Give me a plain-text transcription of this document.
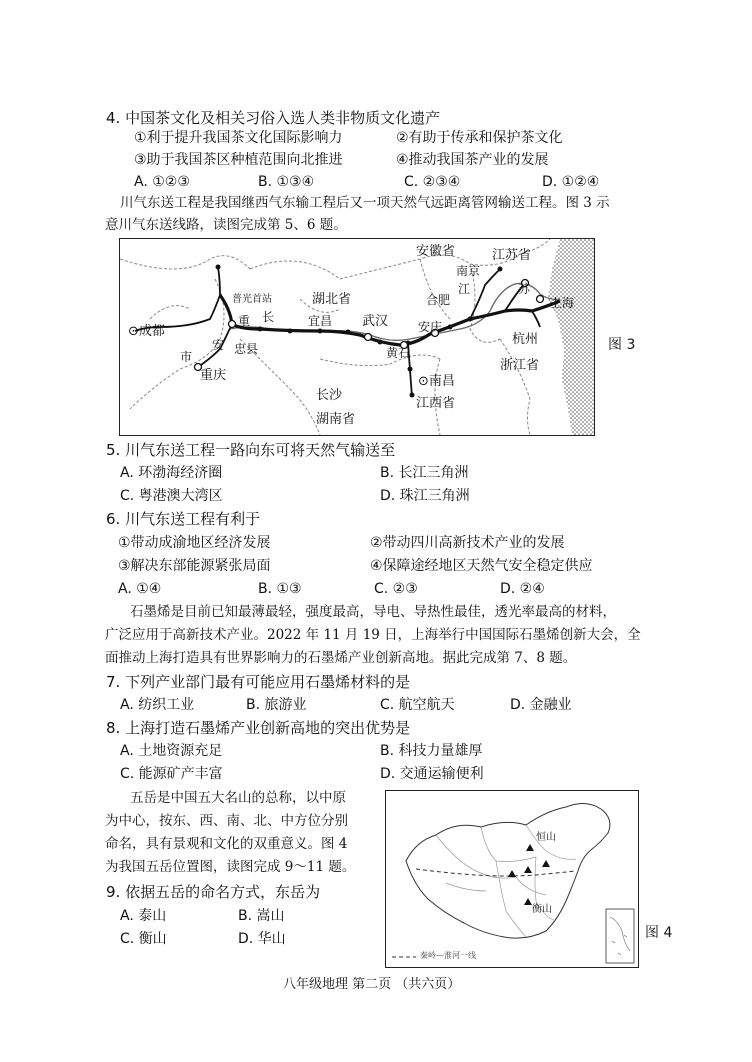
4. 中国茶文化及相关习俗入选人类非物质文化遗产
①利于提升我国茶文化国际影响力	②有助于传承和保护茶文化
③助于我国茶区种植范围向北推进	④推动我国茶产业的发展
A. ①②③	B. ①③④	C. ②③④	D. ①②④
川气东送工程是我国继西气东输工程后又一项天然气远距离管网输送工程。图 3 示
意川气东送线路，读图完成第 5、6 题。
安徽省	江苏省
南京
江
合肥
苏
上海
杭州
浙江省
⊙成都
普光首站
重 长
湖北省
宜昌 武汉 安庆
黄石
忠县
市
安
重庆	⊙南昌
长沙
湖南省
江西省
图 3
5. 川气东送工程一路向东可将天然气输送至
A. 环渤海经济圈	B. 长江三角洲
C. 粤港澳大湾区	D. 珠江三角洲
6. 川气东送工程有利于
①带动成渝地区经济发展	②带动四川高新技术产业的发展
③解决东部能源紧张局面	④保障途经地区天然气安全稳定供应
A. ①④	B. ①③	C. ②③	D. ②④
石墨烯是目前已知最薄最轻，强度最高，导电、导热性最佳，透光率最高的材料，
广泛应用于高新技术产业。2022 年 11 月 19 日，上海举行中国国际石墨烯创新大会，全
面推动上海打造具有世界影响力的石墨烯产业创新高地。据此完成第 7、8 题。
7. 下列产业部门最有可能应用石墨烯材料的是
A. 纺织工业	B. 旅游业	C. 航空航天	D. 金融业
8. 上海打造石墨烯产业创新高地的突出优势是
A. 土地资源充足	B. 科技力量雄厚
C. 能源矿产丰富	D. 交通运输便利
五岳是中国五大名山的总称，以中原
为中心，按东、西、南、北、中方位分别
命名，具有景观和文化的双重意义。图 4
为我国五岳位置图，读图完成 9～11 题。
9. 依据五岳的命名方式，东岳为
A. 泰山	B. 嵩山
C. 衡山	D. 华山
恒山
衡山
秦岭—淮河一线
图 4
八年级地理 第二页 （共六页）
